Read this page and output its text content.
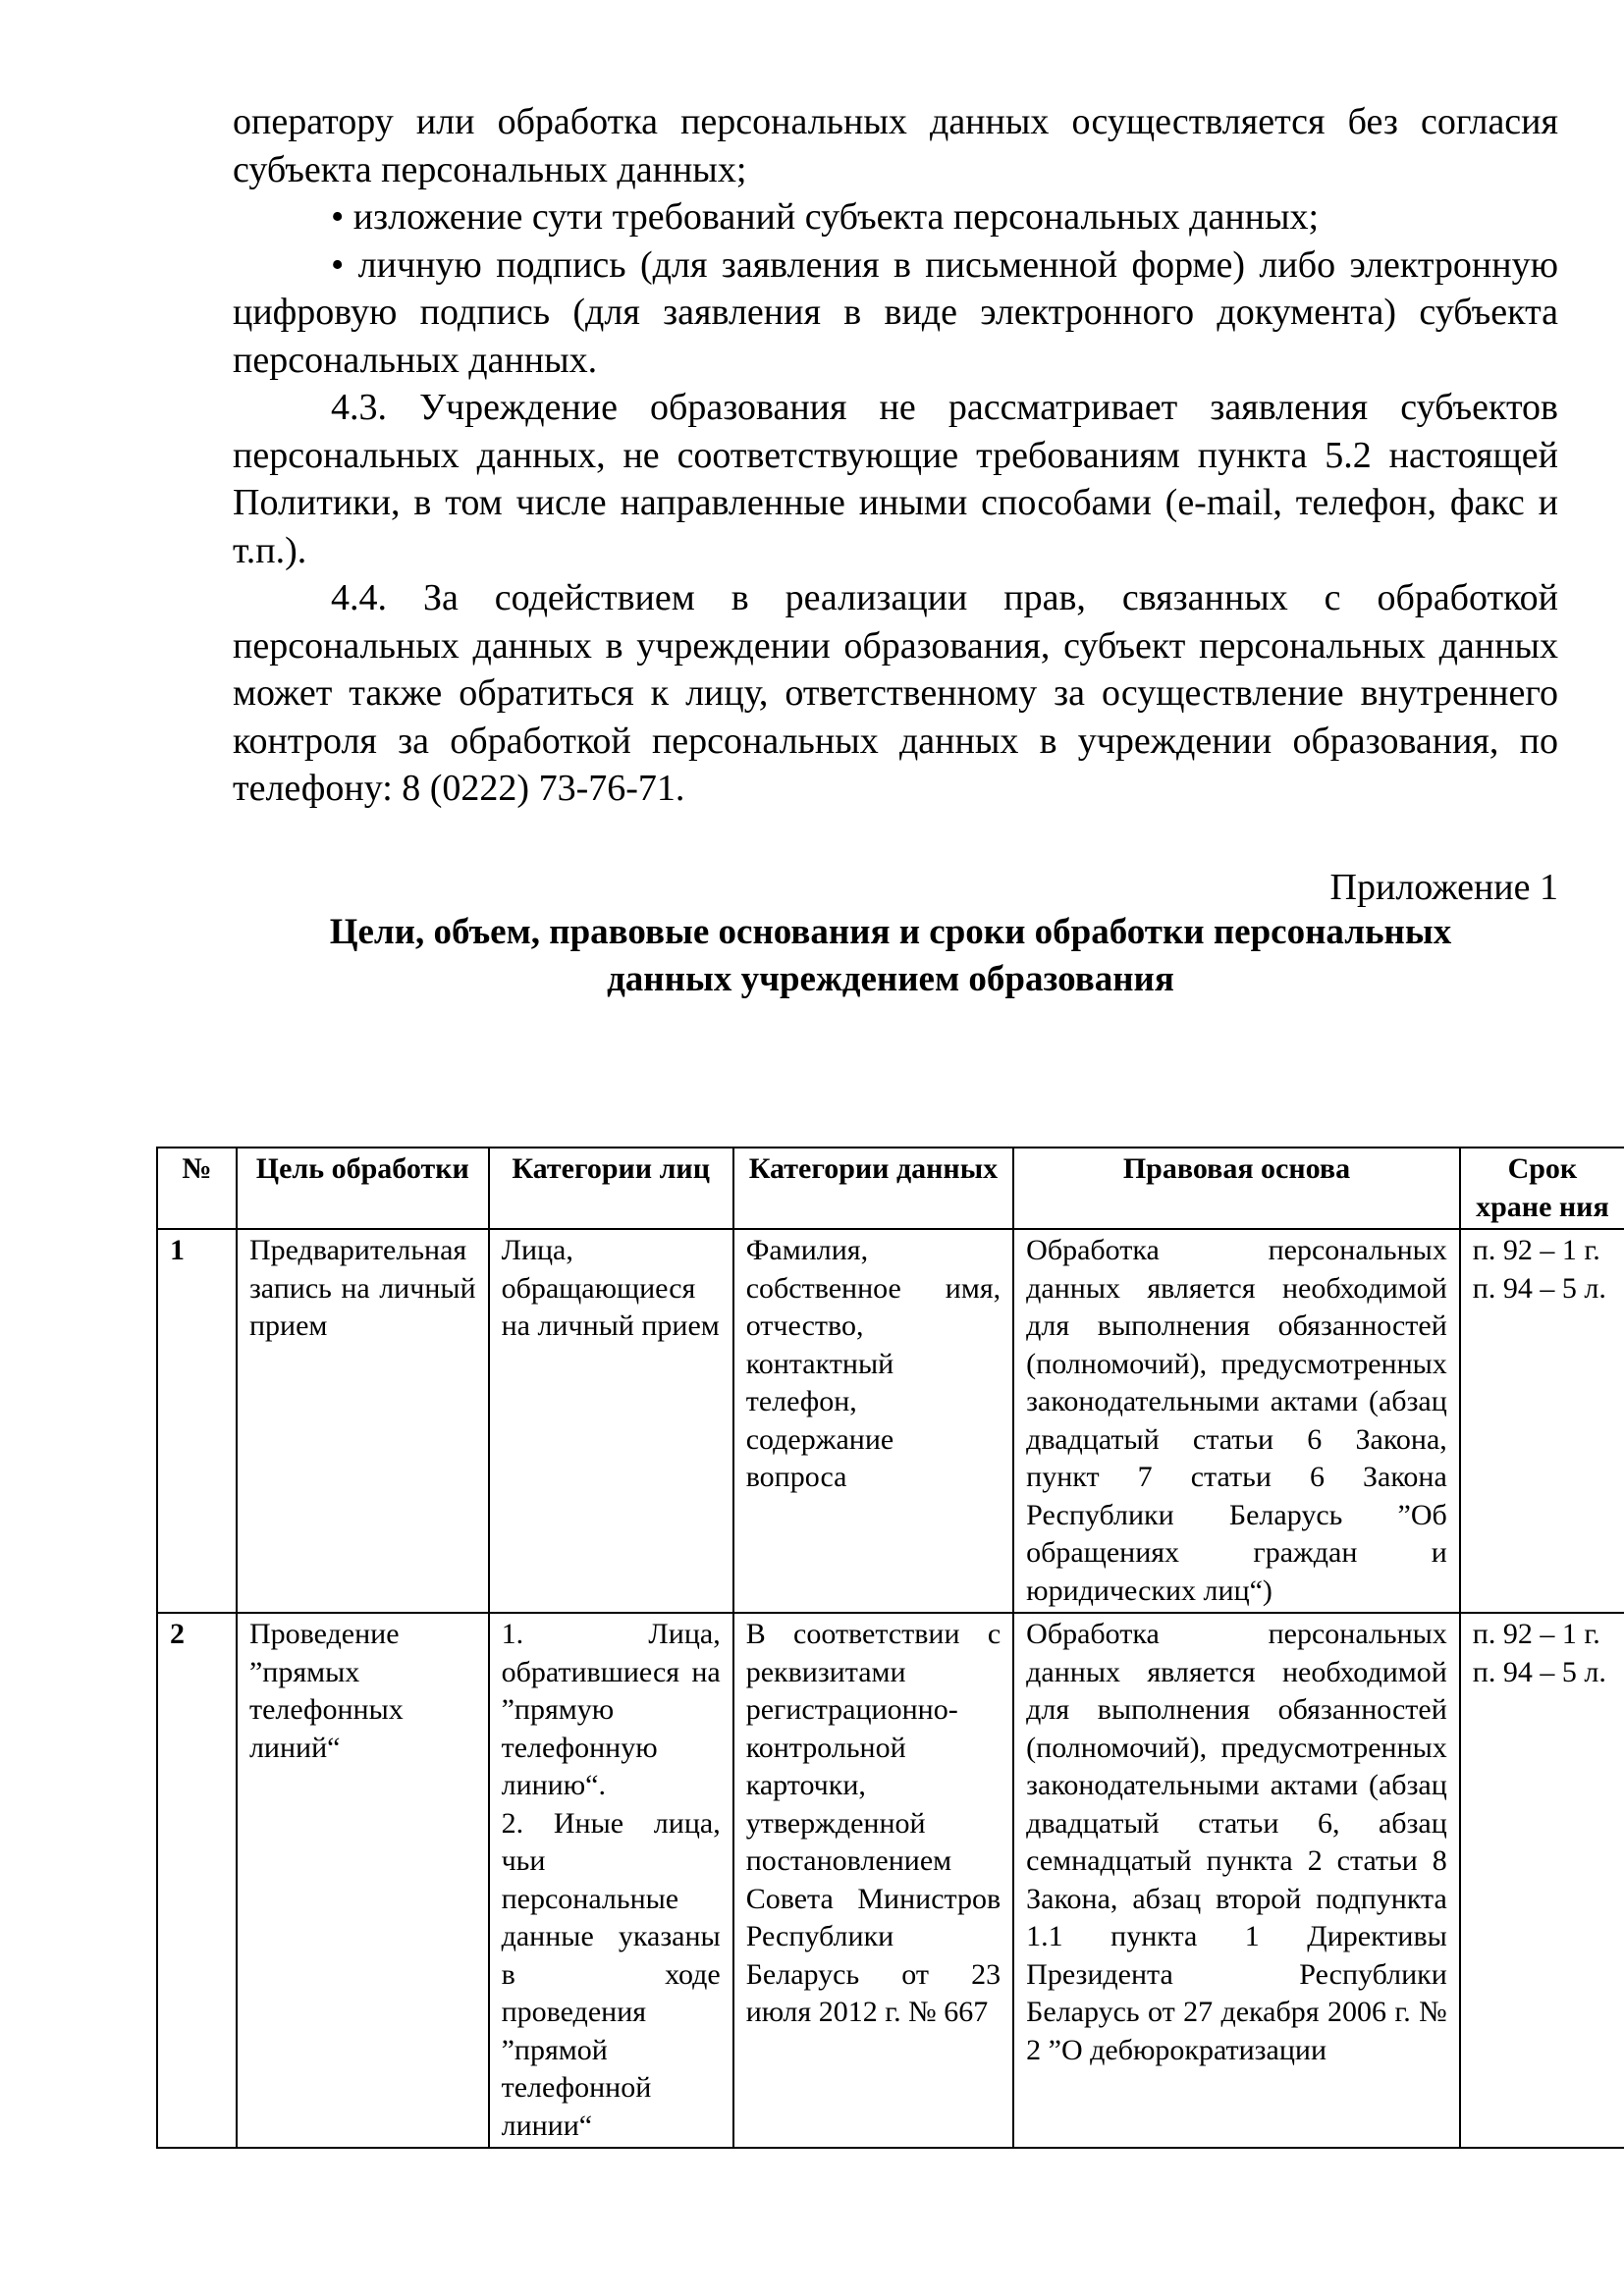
оператору или обработка персональных данных осуществляется без согласия субъекта персональных данных;

• изложение сути требований субъекта персональных данных;

• личную подпись (для заявления в письменной форме) либо электронную цифровую подпись (для заявления в виде электронного документа) субъекта персональных данных.

4.3. Учреждение образования не рассматривает заявления субъектов персональных данных, не соответствующие требованиям пункта 5.2 настоящей Политики, в том числе направленные иными способами (e-mail, телефон, факс и т.п.).

4.4. За содействием в реализации прав, связанных с обработкой персональных данных в учреждении образования, субъект персональных данных может также обратиться к лицу, ответственному за осуществление внутреннего контроля за обработкой персональных данных в учреждении образования, по телефону: 8 (0222) 73-76-71.

Приложение 1

Цели, объем, правовые основания и сроки обработки персональных
данных учреждением образования

№	Цель обработки	Категории лиц	Категории данных	Правовая основа	Срок хране ния
1	Предварительная запись на личный прием	Лица, обращающиеся на личный прием	Фамилия, собственное имя, отчество, контактный телефон, содержание вопроса	Обработка персональных данных является необходимой для выполнения обязанностей (полномочий), предусмотренных законодательными актами (абзац двадцатый статьи 6 Закона, пункт 7 статьи 6 Закона Республики Беларусь ”Об обращениях граждан и юридических лиц“)	п. 92 – 1 г. п. 94 – 5 л.
2	Проведение ”прямых телефонных линий“	1. Лица, обратившиеся на ”прямую телефонную линию“.
2. Иные лица, чьи персональные данные указаны в ходе проведения ”прямой телефонной линии“	В соответствии с реквизитами регистрационно-контрольной карточки, утвержденной постановлением Совета Министров Республики Беларусь от 23 июля 2012 г. № 667	Обработка персональных данных является необходимой для выполнения обязанностей (полномочий), предусмотренных законодательными актами (абзац двадцатый статьи 6, абзац семнадцатый пункта 2 статьи 8 Закона, абзац второй подпункта 1.1 пункта 1 Директивы Президента Республики Беларусь от 27 декабря 2006 г. № 2 ”О дебюрократизации	п. 92 – 1 г. п. 94 – 5 л.
